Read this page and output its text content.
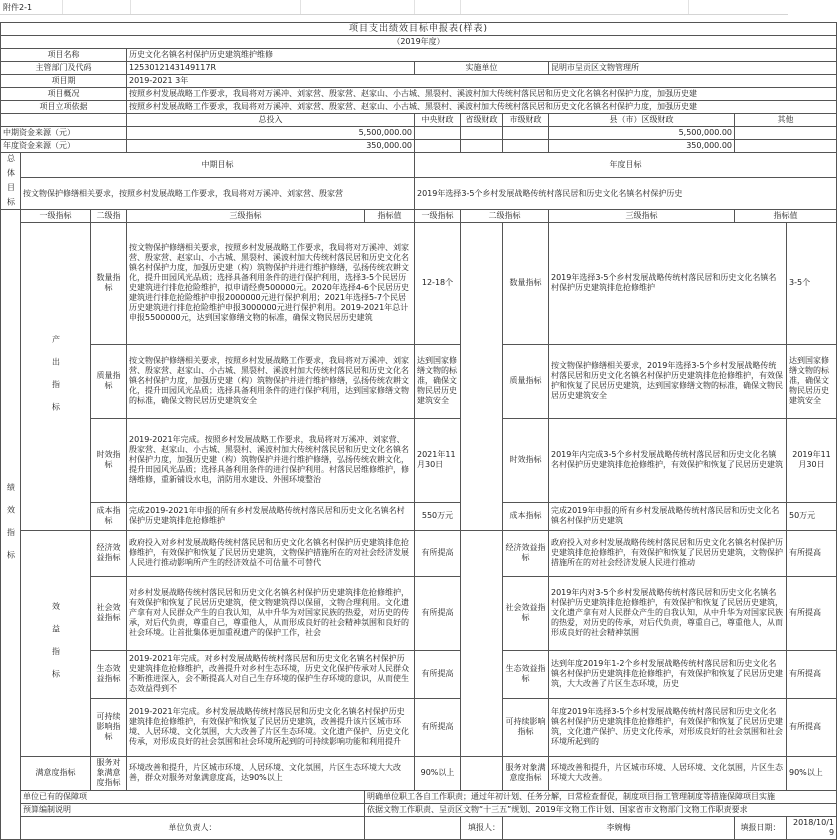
附件2-1
项目支出绩效目标申报表(样表)										
（2019年度）										
项目名称			历史文化名镇名村保护历史建筑维护维修							
主管部门及代码			125301214314911​7R		实施单位			昆明市呈贡区文物管理所		
项目期			2019-2021 3年							
项目概况			按照乡村发展战略工作要求，我局将对万溪冲、刘家营、殷家营、赵家山、小古城、黑裂村、溪波村加大传统村落民居和历史文化名镇名村保护力度，加强历史建							
项目立项依据			按照乡村发展战略工作要求，我局将对万溪冲、刘家营、殷家营、赵家山、小古城、黑裂村、溪波村加大传统村落民居和历史文化名镇名村保护力度，加强历史建							
			总投入		中央财政	省级财政	市级财政	县（市）区级财政	其他	
中期资金来源（元）			5,500,000.00					5,500,000.00		
年度资金来源（元）			350,000.00					350,000.00		
总 体 目 标	中期目标				年度目标					
	按文物保护修缮相关要求，按照乡村发展战略工作要求，我局将对万溪冲、刘家营、殷家营				2019年选择3-5个乡村发展战略传统村落民居和历史文化名镇名村保护历史					
绩 效 指 标	一级指标	二级指	三级指标	指标值	一级指标	二级指标		三级指标	指标值	
	产 出 指 标	数量指标	按文物保护修缮相关要求，按照乡村发展战略工作要求，我局将对万溪冲、刘家营、殷家营、赵家山、小古城、黑裂村、溪波村加大传统村落民居和历史文化名镇名村保护力度，加强历史建（构）筑物保护并进行维护修缮，弘扬传统农耕文化，提升田园风光品质；选择具备利用条件的进行保护利用，选择3-5个民居历史建筑进行排危抢险维护，拟申请经费500000元。2020年选择4-6个民居历史建筑进行排危抢险维护申报2000000元进行保护利用；2021年选择5-7个民居历史建筑进行排危抢险维护申报3000000元进行保护利用。2019-2021年总计申报5500000元，达到国家修缮文物的标准，确保文物民居历史建筑		12-18个		数量指标	2019年选择3-5个乡村发展战略传统村落民居和历史文化名镇名村保护历史建筑排危抢修维护		3-5个
		质量指标	按文物保护修缮相关要求，按照乡村发展战略工作要求，我局将对万溪冲、刘家营、殷家营、赵家山、小古城、黑裂村、溪波村加大传统村落民居和历史文化名镇名村保护力度，加强历史建（构）筑物保护并进行维护修缮，弘扬传统农耕文化，提升田园风光品质；选择具备利用条件的进行保护利用，达到国家修缮文物的标准，确保文物民居历史建筑安全		达到国家修缮文物的标准，确保文物民居历史建筑安全		质量指标	按文物保护修缮相关要求，2019年选择3-5个乡村发展战略传统村落民居和历史文化名镇名村保护历史建筑排危抢修维护，有效保护和恢复了民居历史建筑，达到国家修缮文物的标准，确保文物民居历史建筑安全		达到国家修缮文物的标准，确保文物民居历史建筑安全
		时效指标	2019-2021年完成。按照乡村发展战略工作要求，我局将对万溪冲、刘家营、殷家营、赵家山、小古城、黑裂村、溪波村加大传统村落民居和历史文化名镇名村保护力度，加强历史建（构）筑物保护并进行维护修缮，弘扬传统农耕文化，提升田园风光品质；选择具备利用条件的进行保护利用。村落民居维修维护，修缮维修，重新铺设水电，消防用水建设、外围环境整治		2021年11月30日		时效指标	2019年内完成3-5个乡村发展战略传统村落民居和历史文化名镇名村保护历史建筑排危抢修维护，有效保护和恢复了民居历史建筑		2019年11月30日
		成本指标	完成2019-2021年申报的所有乡村发展战略传统村落民居和历史文化名镇名村保护历史建筑排危抢修维护		550万元		成本指标	完成2019年申报的所有乡村发展战略传统村落民居和历史文化名镇名村保护历史建筑		50万元
	效 益 指 标	经济效益指标	政府投入对乡村发展战略传统村落民居和历史文化名镇名村保护历史建筑排危抢修维护，有效保护和恢复了民居历史建筑，文物保护措施所在的对社会经济发展人民进行推动影响所产生的经济效益不可估量不可替代		有所提高		经济效益指标	政府投入对乡村发展战略传统村落民居和历史文化名镇名村保护历史建筑排危抢修维护，有效保护和恢复了民居历史建筑，文物保护措施所在的对社会经济发展人民进行推动		有所提高
		社会效益指标	对乡村发展战略传统村落民居和历史文化名镇名村保护历史建筑排危抢修维护，有效保护和恢复了民居历史建筑，使文物建筑得以保留，文物合理利用。文化遗产拿有对人民群众产生的自我认知，从中升华为对国家民族的热爱，对历史的传承，对后代负责，尊重自己，尊重他人，从而形成良好的社会精神氛围和良好的社会环境。让首批集体更加重视遗产的保护工作，社会		有所提高		社会效益指标	2019年内对3-5个乡村发展战略传统村落民居和历史文化名镇名村保护历史建筑排危抢修维护，有效保护和恢复了民居历史建筑，文化遗产拿有对人民群众产生的自我认知，从中升华为对国家民族的热爱，对历史的传承，对后代负责，尊重自己，尊重他人，从而形成良好的社会精神氛围		有所提高
		生态效益指标	2019-2021年完成。对乡村发展战略传统村落民居和历史文化名镇名村保护历史建筑排危抢修维护，改善提升对乡村生态环境，历史文化保护传承对人民群众不断推进深入，会不断提高人对自己生存环境的保护生存环境的意识，从而使生态效益得到不		有所提高		生态效益指标	达到年度2019年1-2个乡村发展战略传统村落民居和历史文化名镇名村保护历史建筑排危抢修维护，有效保护和恢复了民居历史建筑，大大改善了片区生态环境，历史		有所提高
		可持续影响指标	2019-2021年完成。乡村发展战略传统村落民居和历史文化名镇名村保护历史建筑排危抢修维护，有效保护和恢复了民居历史建筑，改善提升该片区城市环境、人居环境、文化氛围，大大改善了片区生态环境。文化遗产保护、历史文化传承，对形成良好的社会氛围和社会环境所起到的可持续影响功能和利用提升		有所提高		可持续影响指标	年度2019年选择3-5个乡村发展战略传统村落民居和历史文化名镇名村保护历史建筑排危抢修维护，有效保护和恢复了民居历史建筑，文化遗产保护、历史文化传承，对形成良好的社会氛围和社会环境所起到的		有所提高
	满意度指标	服务对象满意度指标	环境改善和提升，片区城市环境、人居环境、文化氛围，片区生态环境大大改善，群众对服务对象满意度高，达90%以上		90%以上		服务对象满意度指标	环境改善和提升，片区城市环境、人居环境、文化氛围，片区生态环境大大改善。		90%以上
	单位已有的保障项			明确单位职工各自工作职责；通过年初计划、任务分解，日常检查督促，制度项目指工管理制度等措施保障项目实施						
	预算编制说明			依据文物工作职责、呈贡区文物“十三五”规划、2019年文物工作计划、国家省市文物部门文物工作职责要求						
	单位负责人：					填报人：	李婉梅		填报日期：	2018/10/19
